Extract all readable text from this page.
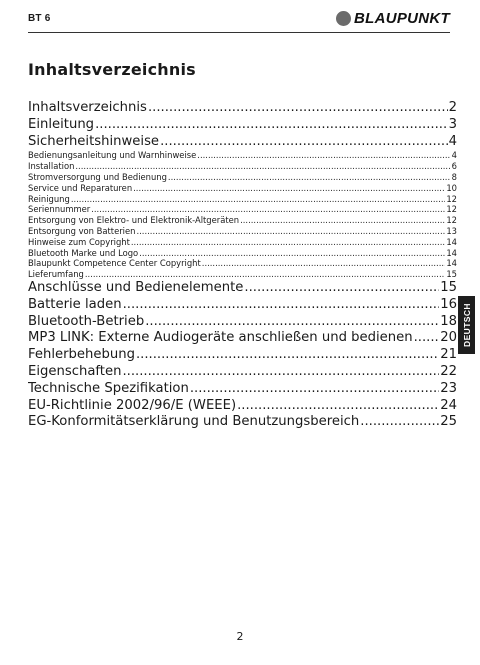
BT 6	BLAUPUNKT
Inhaltsverzeichnis
Inhaltsverzeichnis .....	2
Einleitung .....	3
Sicherheitshinweise .....	4
Bedienungsanleitung und Warnhinweise .....	4
Installation .....	6
Stromversorgung und Bedienung .....	8
Service und Reparaturen .....	10
Reinigung .....	12
Seriennummer .....	12
Entsorgung von Elektro- und Elektronik-Altgeräten .....	12
Entsorgung von Batterien .....	13
Hinweise zum Copyright .....	14
Bluetooth Marke und Logo .....	14
Blaupunkt Competence Center Copyright .....	14
Lieferumfang .....	15
Anschlüsse und Bedienelemente .....	15
Batterie laden .....	16
Bluetooth-Betrieb .....	18
MP3 LINK: Externe Audiogeräte anschließen und bedienen ..... 20
Fehlerbehebung .....	21
Eigenschaften .....	22
Technische Spezifikation .....	23
EU-Richtlinie 2002/96/E (WEEE) .....	24
EG-Konformitätserklärung und Benutzungsbereich .....	25
DEUTSCH
2
